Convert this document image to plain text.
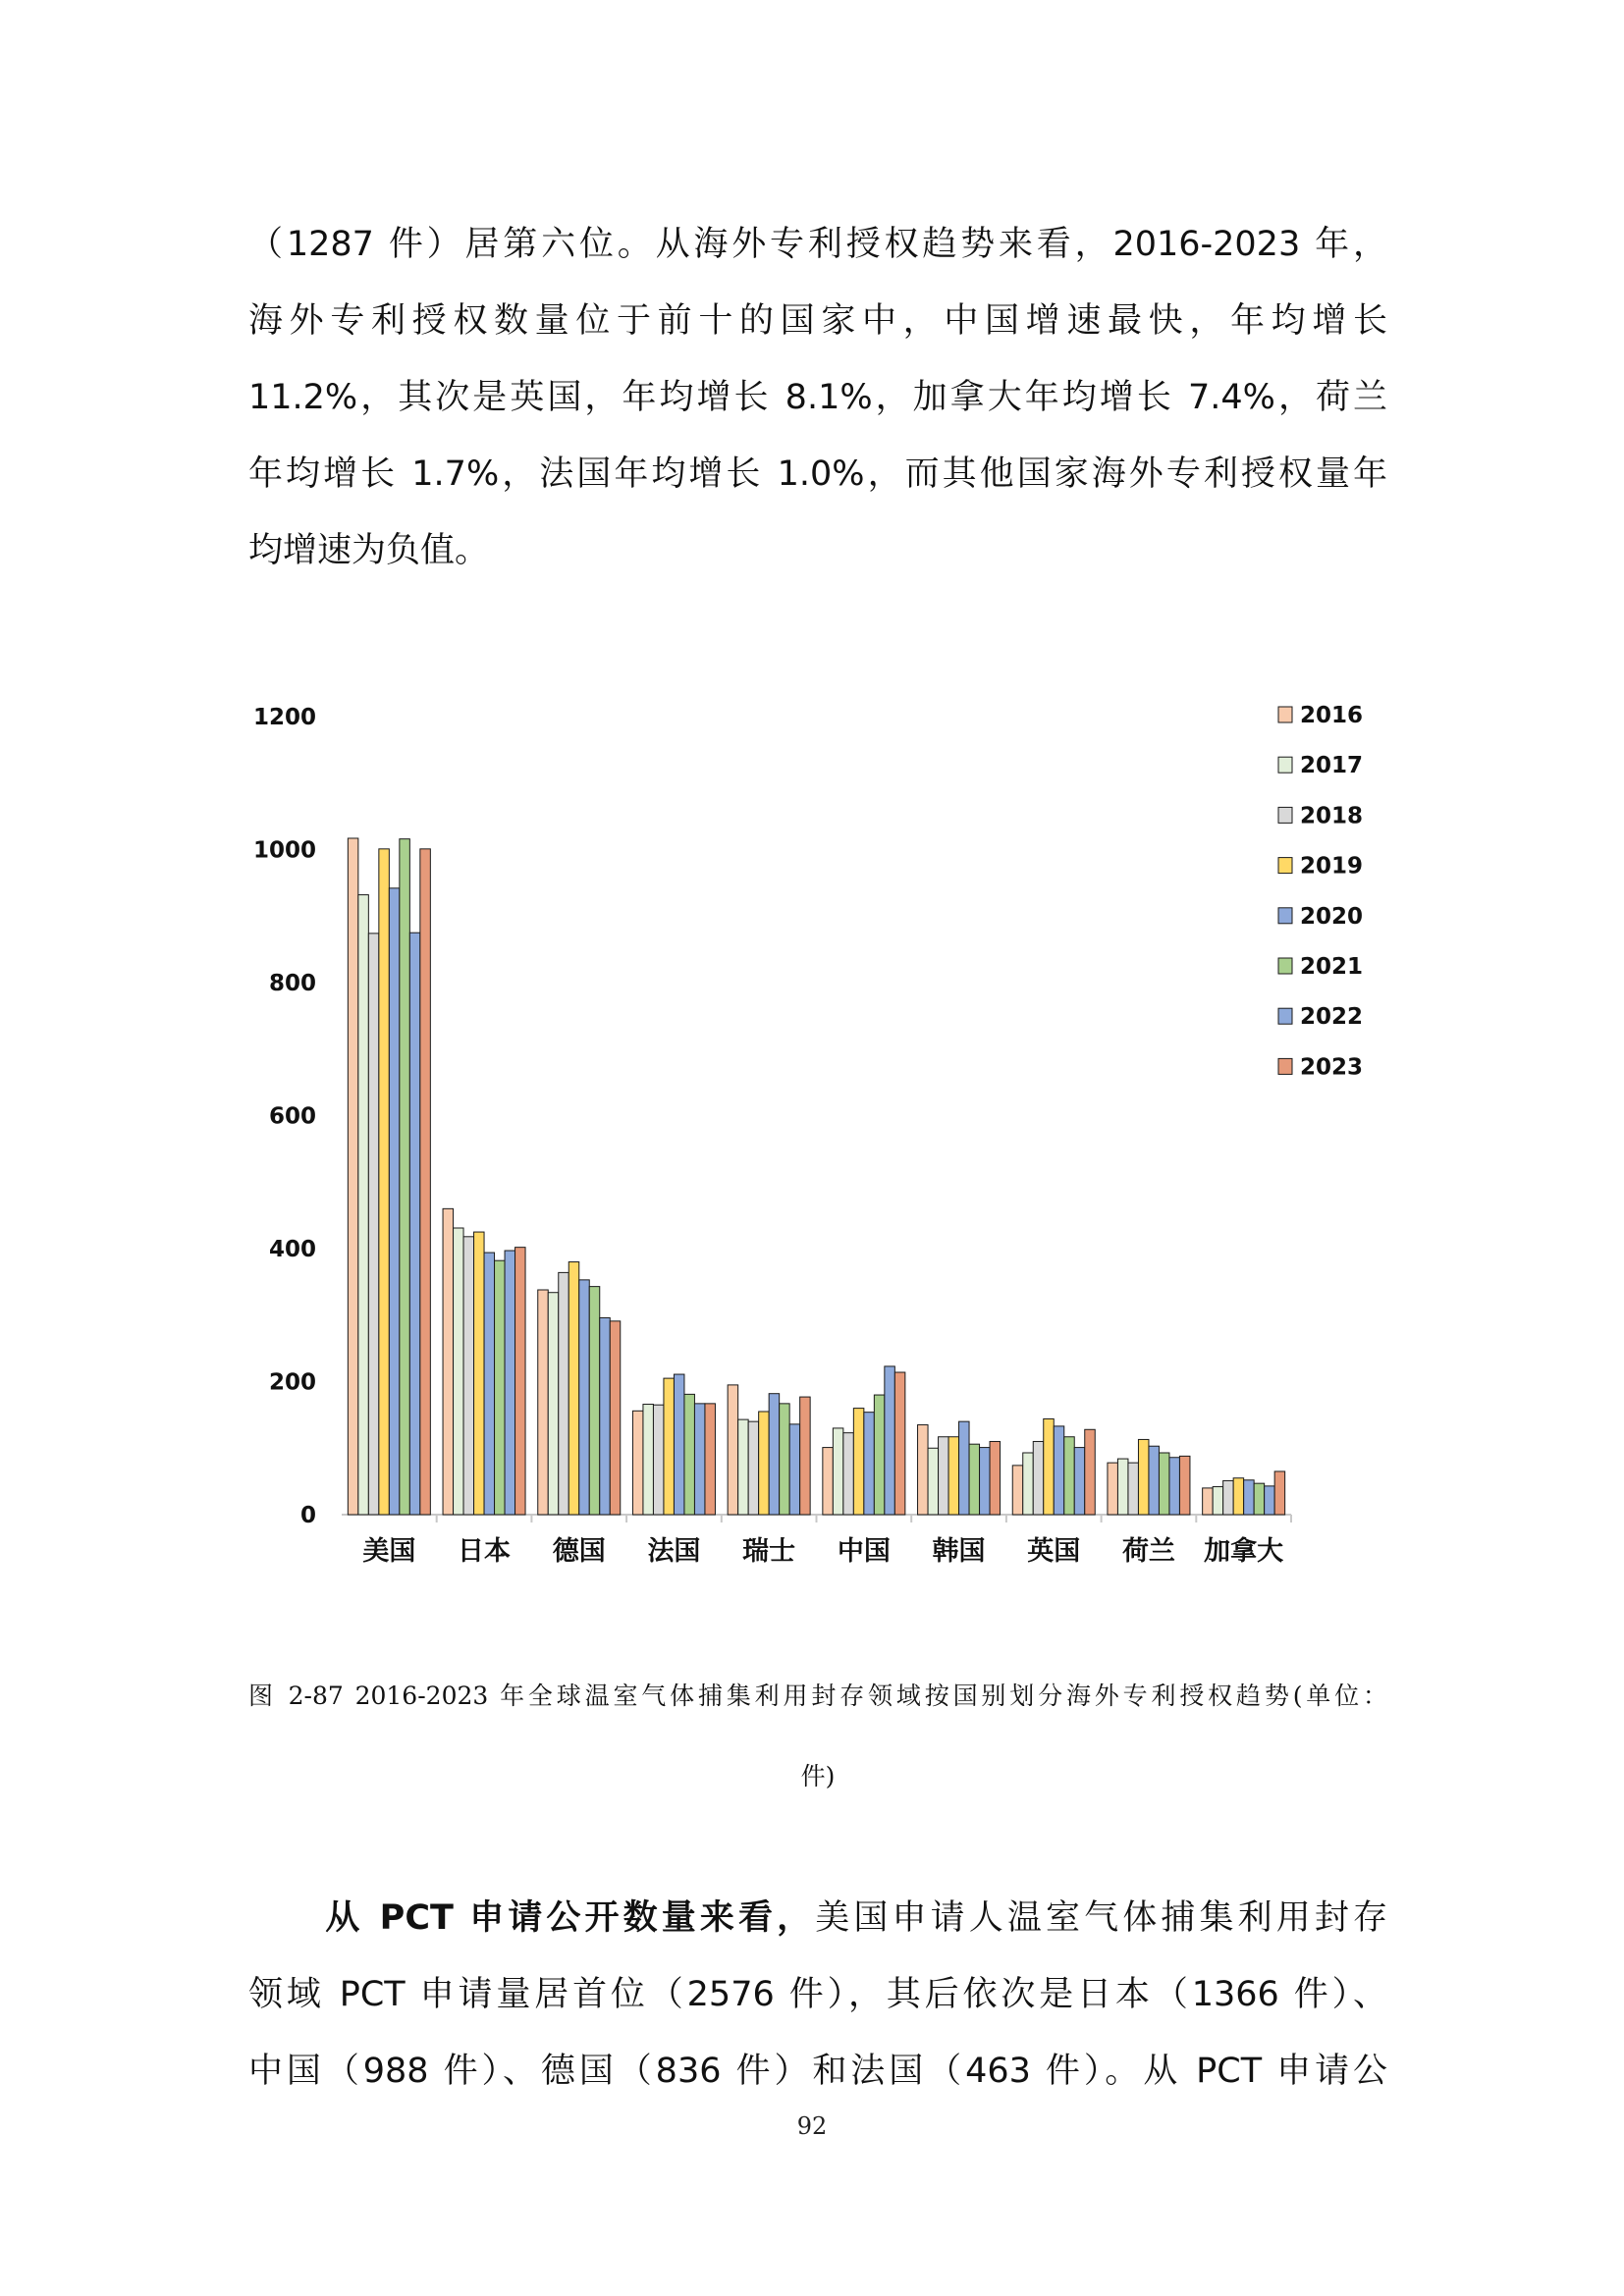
（1287 件）居第六位。从海外专利授权趋势来看，2016-2023 年，
海外专利授权数量位于前十的国家中，中国增速最快，年均增长
11.2%，其次是英国，年均增长 8.1%，加拿大年均增长 7.4%，荷兰
年均增长 1.7%，法国年均增长 1.0%，而其他国家海外专利授权量年
均增速为负值。
0
200
400
600
800
1000
1200
美国 日本 德国 法国 瑞士 中国 韩国 英国 荷兰 加拿大
2016
2017
2018
2019
2020
2021
2022
2023

图 2-87 2016-2023 年全球温室气体捕集利用封存领域按国别划分海外专利授权趋势(单位：

件)

　　从 PCT 申请公开数量来看，美国申请人温室气体捕集利用封存
领域 PCT 申请量居首位（2576 件），其后依次是日本（1366 件）、
中国（988 件）、德国（836 件）和法国（463 件）。从 PCT 申请公
92
